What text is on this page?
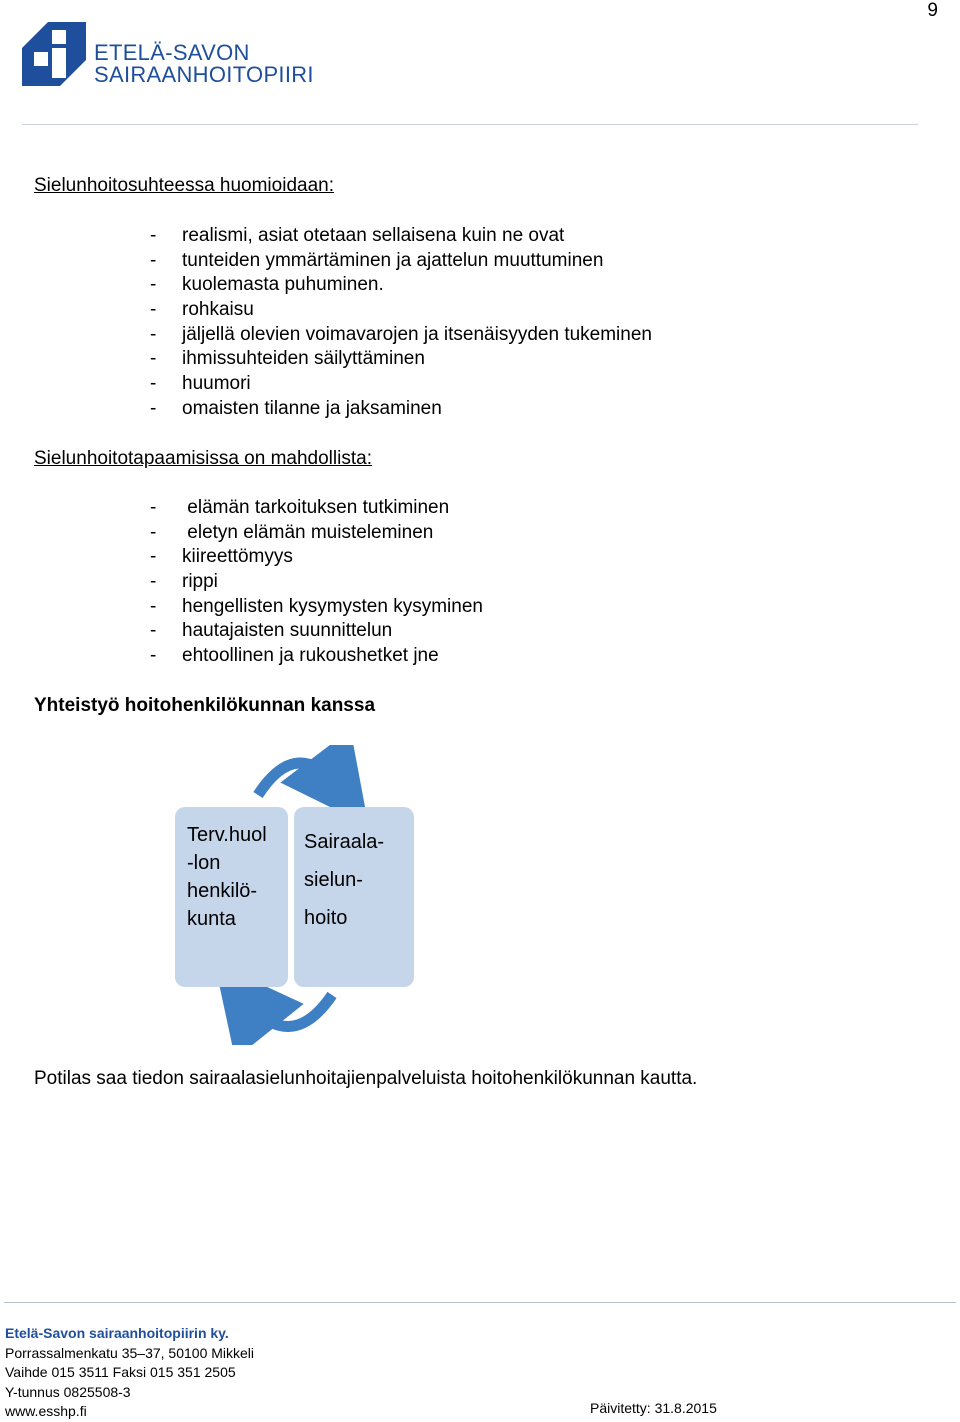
9
ETELÄ-SAVON
SAIRAANHOITOPIIRI
Sielunhoitosuhteessa huomioidaan:
- realismi, asiat otetaan sellaisena kuin ne ovat
- tunteiden ymmärtäminen ja ajattelun muuttuminen
- kuolemasta puhuminen.
- rohkaisu
- jäljellä olevien voimavarojen ja itsenäisyyden tukeminen
- ihmissuhteiden säilyttäminen
- huumori
- omaisten tilanne ja jaksaminen
Sielunhoitotapaamisissa on mahdollista:
- elämän tarkoituksen tutkiminen
- eletyn elämän muisteleminen
- kiireettömyys
- rippi
- hengellisten kysymysten kysyminen
- hautajaisten suunnittelun
- ehtoollinen ja rukoushetket jne
Yhteistyö hoitohenkilökunnan kanssa
Terv.huol
-lon
henkilö-
kunta
Sairaala-
sielun-
hoito
Potilas saa tiedon sairaalasielunhoitajienpalveluista hoitohenkilökunnan kautta.
Etelä-Savon sairaanhoitopiirin ky.
Porrassalmenkatu 35–37, 50100 Mikkeli
Vaihde 015 3511 Faksi 015 351 2505
Y-tunnus 0825508-3
www.esshp.fi	Päivitetty: 31.8.2015
